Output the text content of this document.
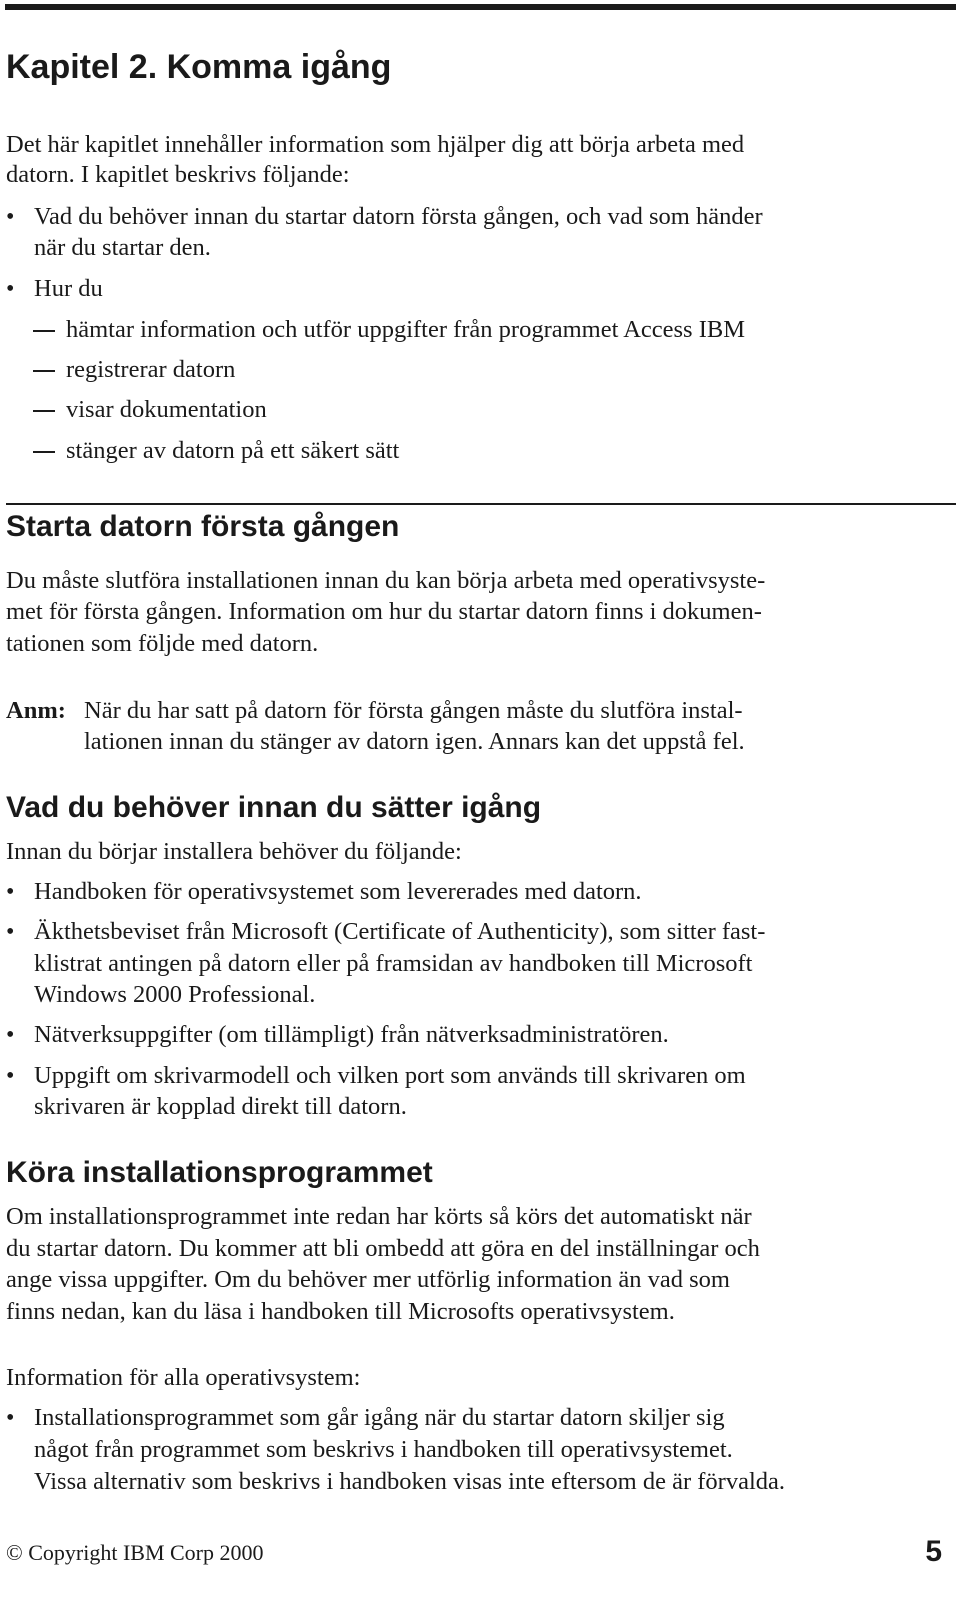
Kapitel 2. Komma igång

Det här kapitlet innehåller information som hjälper dig att börja arbeta med

datorn. I kapitlet beskrivs följande:

• Vad du behöver innan du startar datorn första gången, och vad som händer

när du startar den.

• Hur du

hämtar information och utför uppgifter från programmet Access IBM

registrerar datorn

visar dokumentation

stänger av datorn på ett säkert sätt

Starta datorn första gången

Du måste slutföra installationen innan du kan börja arbeta med operativsyste-

met för första gången. Information om hur du startar datorn finns i dokumen-

tationen som följde med datorn.

Anm: När du har satt på datorn för första gången måste du slutföra instal-

lationen innan du stänger av datorn igen. Annars kan det uppstå fel.

Vad du behöver innan du sätter igång

Innan du börjar installera behöver du följande:

• Handboken för operativsystemet som levererades med datorn.

• Äkthetsbeviset från Microsoft (Certificate of Authenticity), som sitter fast-

klistrat antingen på datorn eller på framsidan av handboken till Microsoft

Windows 2000 Professional.

• Nätverksuppgifter (om tillämpligt) från nätverksadministratören.

• Uppgift om skrivarmodell och vilken port som används till skrivaren om

skrivaren är kopplad direkt till datorn.

Köra installationsprogrammet

Om installationsprogrammet inte redan har körts så körs det automatiskt när

du startar datorn. Du kommer att bli ombedd att göra en del inställningar och

ange vissa uppgifter. Om du behöver mer utförlig information än vad som

finns nedan, kan du läsa i handboken till Microsofts operativsystem.

Information för alla operativsystem:

• Installationsprogrammet som går igång när du startar datorn skiljer sig

något från programmet som beskrivs i handboken till operativsystemet.

Vissa alternativ som beskrivs i handboken visas inte eftersom de är förvalda.

© Copyright IBM Corp 2000	5
